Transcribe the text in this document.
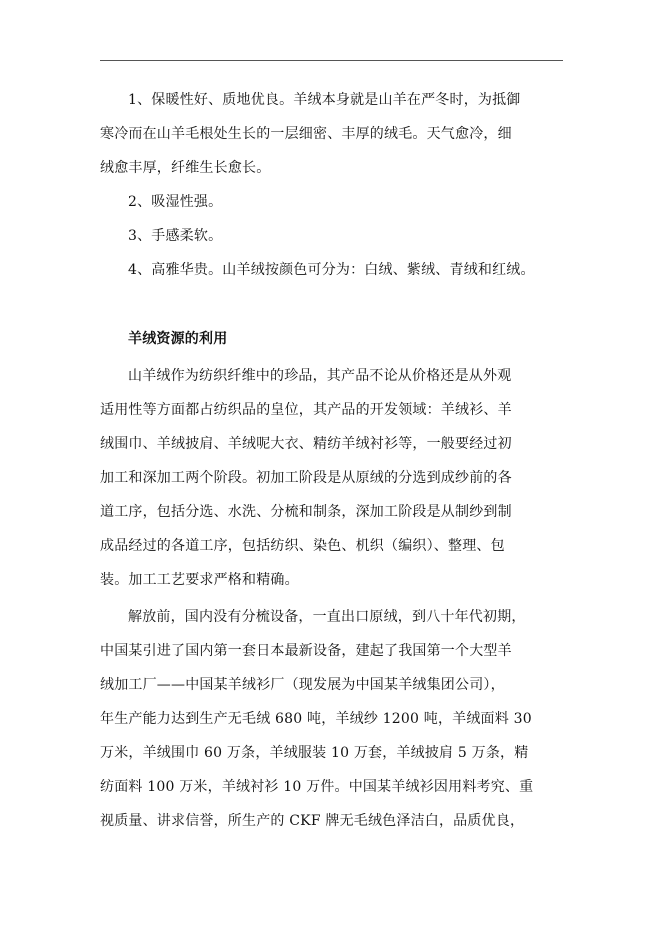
1、保暖性好、质地优良。羊绒本身就是山羊在严冬时，为抵御
寒冷而在山羊毛根处生长的一层细密、丰厚的绒毛。天气愈冷，细
绒愈丰厚，纤维生长愈长。
2、吸湿性强。
3、手感柔软。
4、高雅华贵。山羊绒按颜色可分为：白绒、紫绒、青绒和红绒。
羊绒资源的利用
山羊绒作为纺织纤维中的珍品，其产品不论从价格还是从外观
适用性等方面都占纺织品的皇位，其产品的开发领域：羊绒衫、羊
绒围巾、羊绒披肩、羊绒呢大衣、精纺羊绒衬衫等，一般要经过初
加工和深加工两个阶段。初加工阶段是从原绒的分选到成纱前的各
道工序，包括分选、水洗、分梳和制条，深加工阶段是从制纱到制
成品经过的各道工序，包括纺织、染色、机织（编织）、整理、包
装。加工工艺要求严格和精确。
解放前，国内没有分梳设备，一直出口原绒，到八十年代初期，
中国某引进了国内第一套日本最新设备，建起了我国第一个大型羊
绒加工厂——中国某羊绒衫厂（现发展为中国某羊绒集团公司），
年生产能力达到生产无毛绒 680 吨，羊绒纱 1200 吨，羊绒面料 30
万米，羊绒围巾 60 万条，羊绒服装 10 万套，羊绒披肩 5 万条，精
纺面料 100 万米，羊绒衬衫 10 万件。中国某羊绒衫因用料考究、重
视质量、讲求信誉，所生产的 CKF 牌无毛绒色泽洁白，品质优良，
